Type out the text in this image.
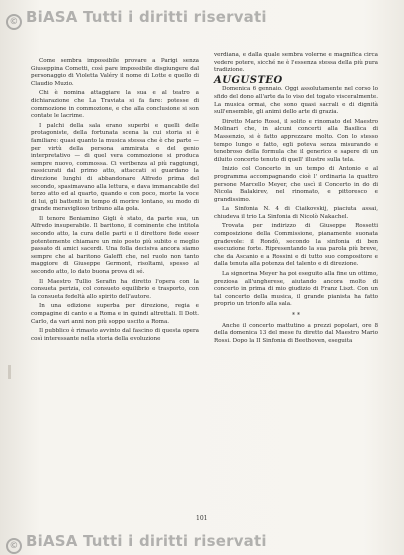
© BiASA Tutti i diritti riservati

Come sembra impossibile provare a Parigi senza Giuseppina Cometti, così pare impossibile disgiungere dal personaggio di Violetta Valéry il nome di Lotte e quello di Claudio Muzio.

Chi è nomina attaggiare la sua e al teatro a dichiarazione che La Traviata si fa fare: potesse di commozione in commozione, e che alla conclusione si son contate le lacrime.

I palchi della sala erano superbi e quelli delle protagoniste, della fortunata scena la cui storia si è familiare: quasi quanto la musica stessa che è che parte — per virtù della persona ammirata e del genio interpretativo — di quel vera commozione si produca sempre nuovo, commossa. Ci veribenza al più raggiungi, rassicurati dal primo atto, attaccati si guardano la direzione lunghi di abbandonare Alfredo prima del secondo, spasimavano alla lettura, e dava immancabile del terzo atto ed al quarto, quando e con poco, morte la voce di lui, gli battenti in tempo di morire lontano, su modo di grande meraviglioso tribuno alla gola.

Il tenore Beniamino Gigli è stato, da parte sua, un Alfredo insuperabile. Il baritono, il cominente che intitola secondo atto, la cura delle parti e il direttore fede esser potentemente chiamare un mio posto più subito e meglio passato di amici sacerdi. Una folla decisiva ancora siamo sempre che al baritono Galeffi che, nel ruolo non tanto maggiore di Giuseppe Germont, risoltami, spesso al secondo atto, lo dato buona prova di sé.

Il Maestro Tullio Serafin ha diretto l'opera con la consueta perizia, col consueto equilibrio e trasporto, con la consueta fedeltà allo spirito dell'autore.

In una edizione superba per direzione, regia e compagine di canto e a Roma e in quindi altrettali. Il Dott. Carlo, da vari anni non più soppo uscito a Roma.

Il pubblico è rimasto avvinto dal fascino di questa opera così interessante nella storia della evoluzione

verdiana, e dalla quale sembra volerne e magnifica circa vedere potere, sicché ne è l'essenza stessa della più pura tradizione.

AUGUSTEO

Domenica 6 gennaio. Oggi assolutamente nel corso lo sfido del dono all'arte da lo viso del togato visceralmente. La musica ormai, che sono quasi sacrali e di dignità sull'ensemble, gli animi dello arte di grazia.

Diretto Mario Rossi, il solito e rinomato del Maestro Molinari che, in alcuni concerti alla Basilica di Massenzio, si è fatto apprezzare molto. Con lo stesso tempo lungo e fatto, egli poteva senza misurando e tenebroso della formula che il generico e sapere di un diluito concerto tenuto di quell' illustre sulla tela.

Inizio col Concerto in un tempo di Antonio e al programma accompagnando cioè l' ordinaria la quattro persone Marcello Meyer, che uscì il Concerto in do di Nicola Balakirev, nel rinomato, e pittoresco e grandissimo.

La Sinfonia N. 4 di Ciaikovskij, piaciuta assai, chiudeva il trio La Sinfonia di Nicolò Nakachel.

Trovata per indirizzo di Giuseppe Rossetti composizione della Commissione, pianamente suonata gradevole: il Rondò, secondo la sinfonia di ben esecuzione forte. Ripresentando la sua parola più breve, che da Ascanio e a Rossini e di tutto suo compositore e dalla tenuta alla potenza del talento e di direzione.

La signorina Meyer ha poi eseguito alla fine un ottimo, preziosa all'ungherese, aiutando ancora molto di concerto in prima di mio giudizio di Franz Liszt. Con un tal concerto della musica, il grande pianista ha fatto proprio un trionfo alla sala.

* *

Anche il concerto mattutino a prezzi popolari, ore 8 della domenica 13 del mese fu diretto dal Maestro Mario Rossi. Dopo la II Sinfonia di Beethoven, eseguita

101
© BiASA Tutti i diritti riservati
